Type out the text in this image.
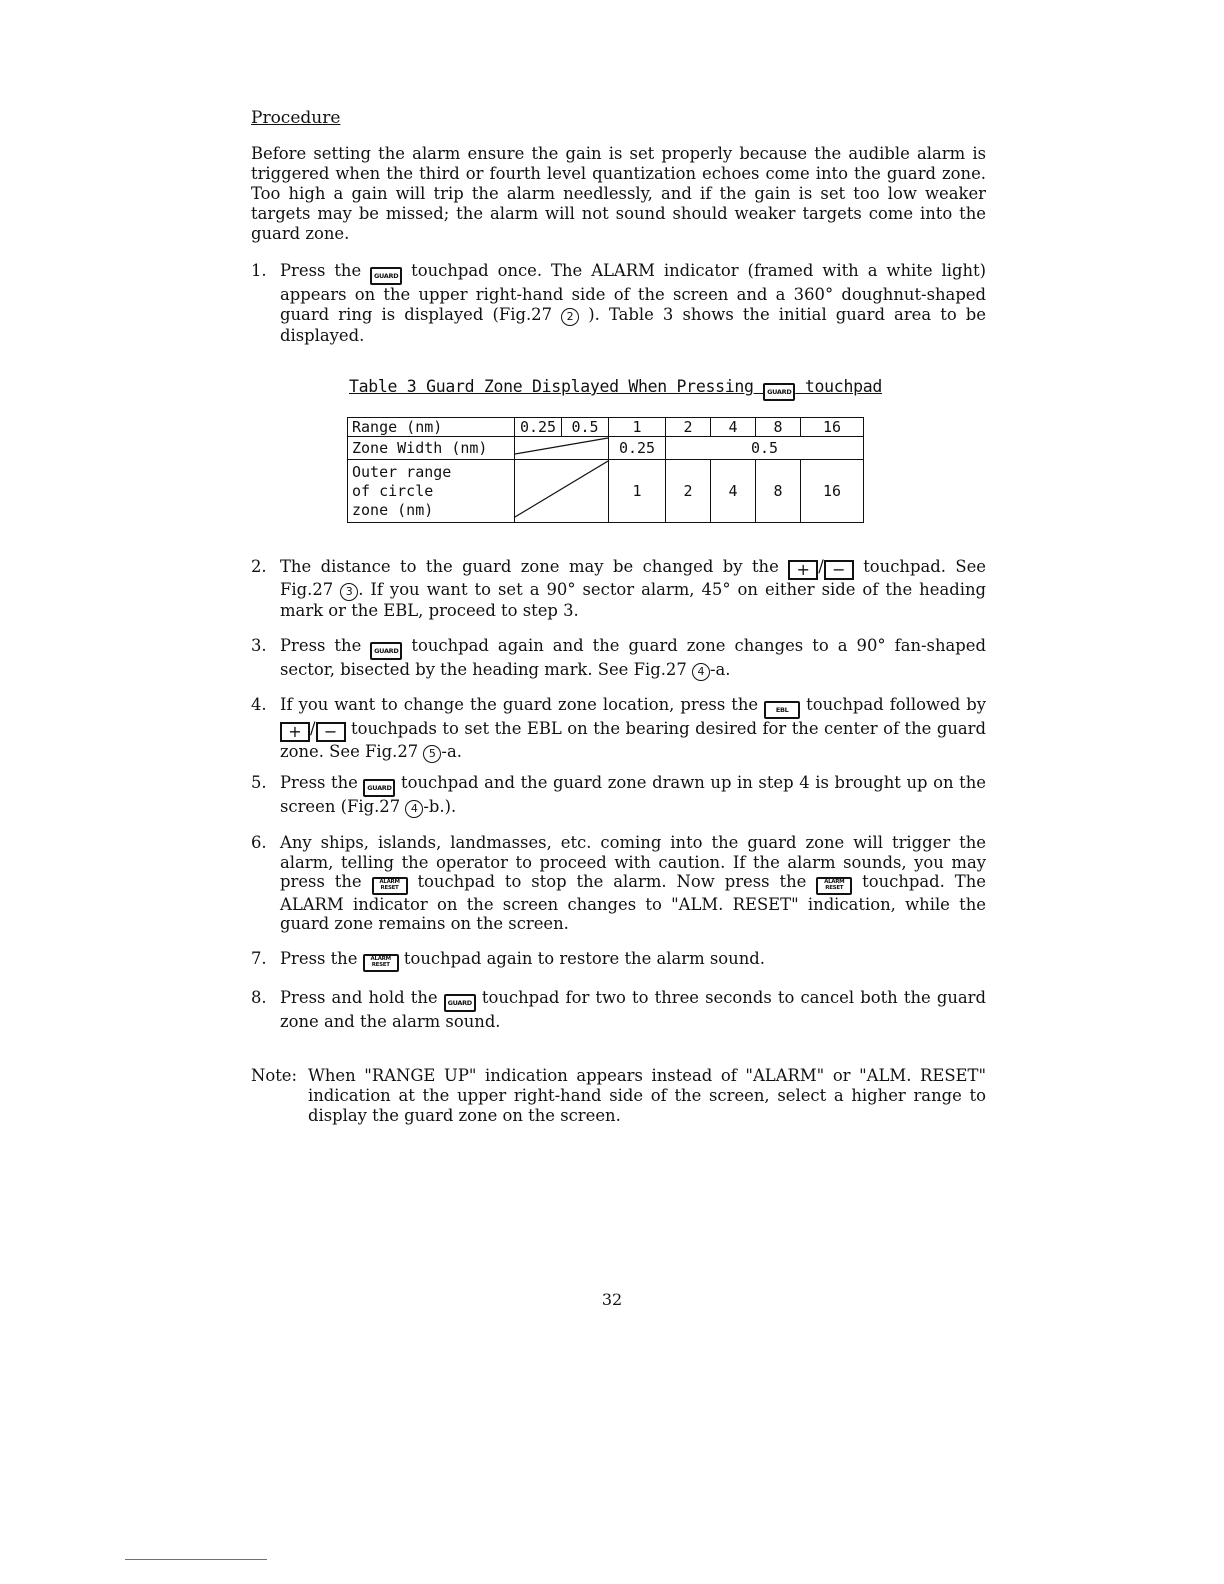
Procedure
Before setting the alarm ensure the gain is set properly because the audible alarm is triggered when the third or fourth level quantization echoes come into the guard zone. Too high a gain will trip the alarm needlessly, and if the gain is set too low weaker targets may be missed; the alarm will not sound should weaker targets come into the guard zone.
1. Press the GUARD touchpad once. The ALARM indicator (framed with a white light) appears on the upper right-hand side of the screen and a 360° doughnut-shaped guard ring is displayed (Fig.27 2 ). Table 3 shows the initial guard area to be displayed.
Table 3 Guard Zone Displayed When Pressing GUARD touchpad
Range (nm)	0.25	0.5	1	2	4	8	16
Zone Width (nm)			0.25	0.5			

Outer range
of circle
zone (nm)			1	2	4	8	16
2. The distance to the guard zone may be changed by the + / − touchpad. See Fig.27 3 . If you want to set a 90° sector alarm, 45° on either side of the heading mark or the EBL, proceed to step 3.
3. Press the GUARD touchpad again and the guard zone changes to a 90° fan-shaped sector, bisected by the heading mark. See Fig.27 4 -a.
4. If you want to change the guard zone location, press the	EBL touchpad followed by + / − touchpads to set the EBL on the bearing desired for the center of the guard zone. See Fig.27 5 -a.
5. Press the GUARD touchpad and the guard zone drawn up in step 4 is brought up on the screen (Fig.27 4 -b.).
6. Any ships, islands, landmasses, etc. coming into the guard zone will trigger the alarm, telling the operator to proceed with caution. If the alarm sounds, you may press the	ALARM
RESET touchpad to stop the alarm. Now press the	ALARM
RESET touchpad. The ALARM indicator on the screen changes to "ALM. RESET" indication, while the guard zone remains on the screen.
7. Press the ALARM
RESET touchpad again to restore the alarm sound.
8. Press and hold the GUARD touchpad for two to three seconds to cancel both the guard zone and the alarm sound.
Note: When "RANGE UP" indication appears instead of "ALARM" or "ALM. RESET" indication at the upper right-hand side of the screen, select a higher range to display the guard zone on the screen.
32
